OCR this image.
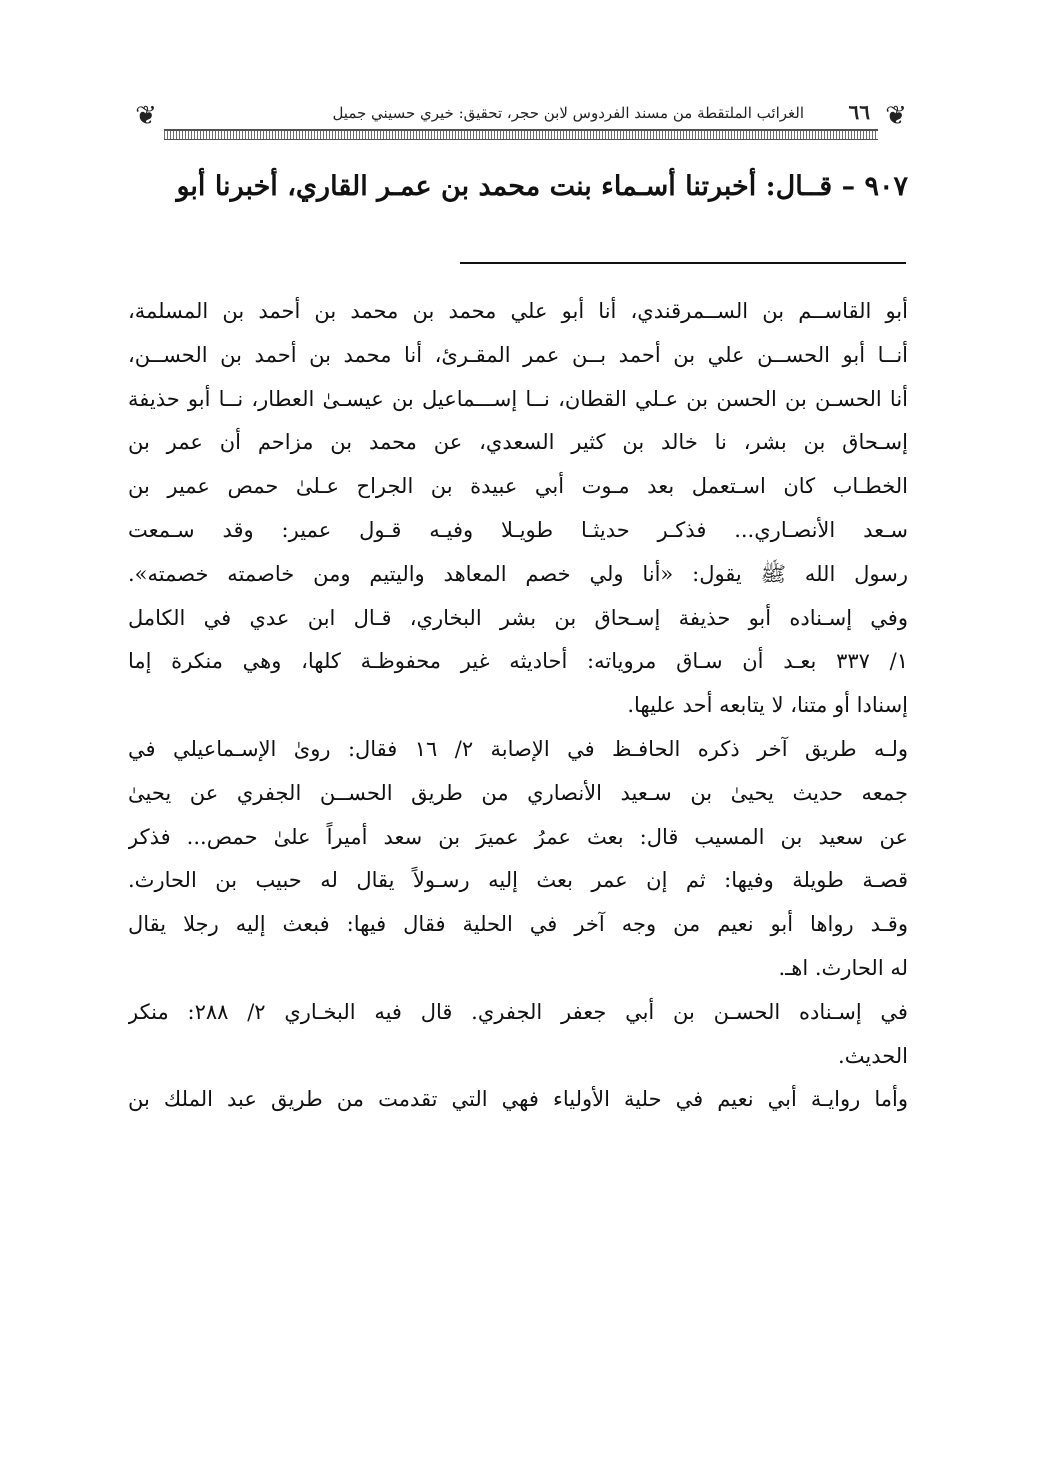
❦	الغرائب الملتقطة من مسند الفردوس لابن حجر، تحقيق: خيري حسيني جميل ٦٦ ❦
٩٠٧ – قــال: أخبرتنا أسـماء بنت محمد بن عمـر القاري، أخبرنا أبو
أبو القاســم بن الســمرقندي، أنا أبو علي محمد بن محمد بن أحمد بن المسلمة،
أنــا أبو الحســن علي بن أحمد بــن عمر المقـرئ، أنا محمد بن أحمد بن الحســن،
أنا الحسـن بن الحسن بن عـلي القطان، نــا إســـماعيل بن عيسـىٰ العطار، نــا أبو حذيفة
إسـحاق بن بشر، نا خالد بن كثير السعدي، عن محمد بن مزاحم أن عمر بن
الخطـاب كان اسـتعمل بعد مـوت أبي عبيدة بن الجراح عـلىٰ حمص عمير بن
سـعد الأنصـاري... فذكـر حديثـا طويـلا وفيـه قـول عمير: وقد سـمعت
رسول الله ﷺ يقول: «أنا ولي خصم المعاهد واليتيم ومن خاصمته خصمته».
وفي إسـناده أبو حذيفة إسـحاق بن بشر البخاري، قـال ابن عدي في الكامل
١/ ٣٣٧ بعـد أن سـاق مروياته: أحاديثه غير محفوظـة كلها، وهي منكرة إما
إسنادا أو متنا، لا يتابعه أحد عليها.
ولـه طريق آخر ذكره الحافـظ في الإصابة ٢/ ١٦ فقال: روىٰ الإسـماعيلي في
جمعه حديث يحيىٰ بن سـعيد الأنصاري من طريق الحســن الجفري عن يحيىٰ
عن سعيد بن المسيب قال: بعث عمرُ عميرَ بن سعد أميراً علىٰ حمص... فذكر
قصـة طويلة وفيها: ثم إن عمر بعث إليه رسـولاً يقال له حبيب بن الحارث.
وقـد رواها أبو نعيم من وجه آخر في الحلية فقال فيها: فبعث إليه رجلا يقال
له الحارث. اهـ.
في إسـناده الحسـن بن أبي جعفر الجفري. قال فيه البخـاري ٢/ ٢٨٨: منكر
الحديث.
وأما روايـة أبي نعيم في حلية الأولياء فهي التي تقدمت من طريق عبد الملك بن
